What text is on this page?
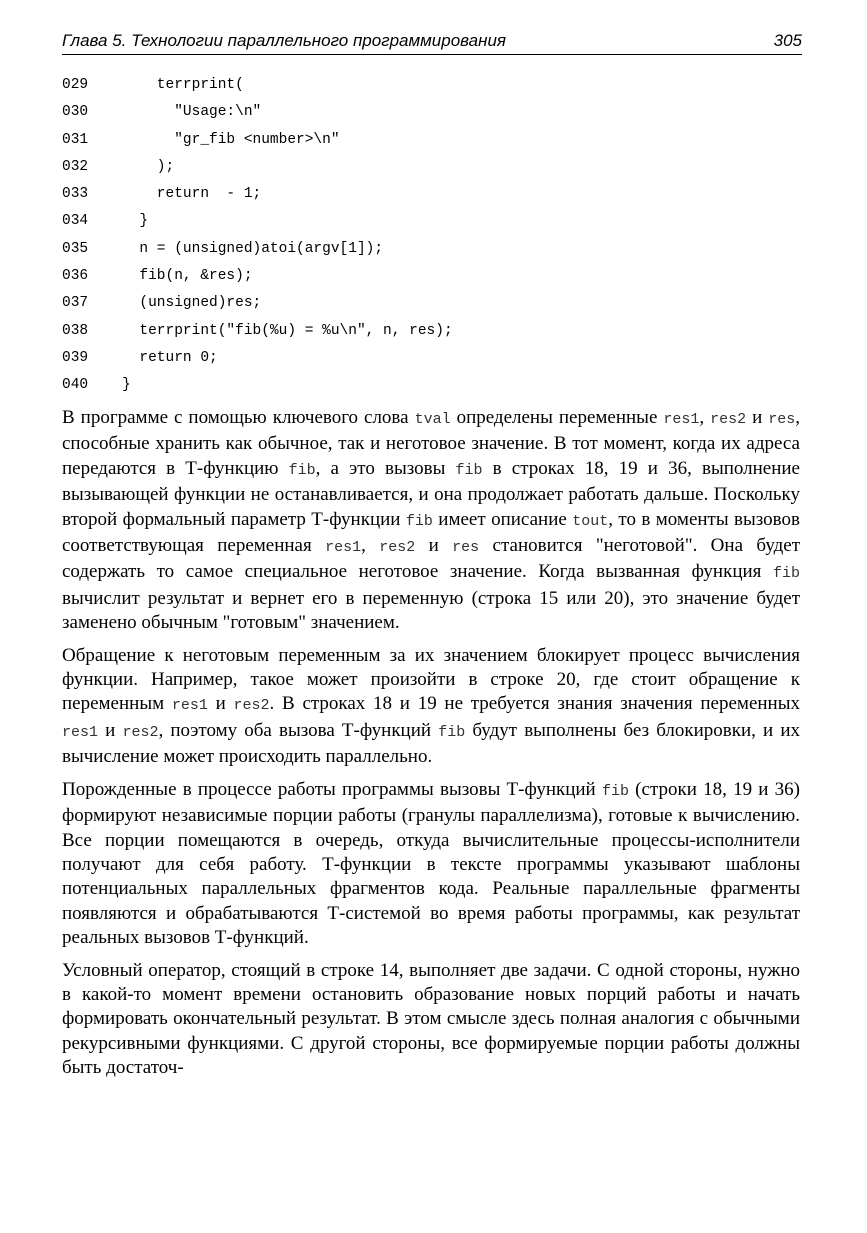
Глава 5. Технологии параллельного программирования	305
029 terrprint(
030 "Usage:\n"
031 "gr_fib <number>\n"
032 );
033 return  - 1;
034 }
035 n = (unsigned)atoi(argv[1]);
036 fib(n, &res);
037 (unsigned)res;
038 terrprint("fib(%u) = %u\n", n, res);
039 return 0;
040 }

В программе с помощью ключевого слова tval определены переменные res1, res2 и res, способные хранить как обычное, так и неготовое значение. В тот момент, когда их адреса передаются в Т-функцию fib, а это вызовы fib в строках 18, 19 и 36, выполнение вызывающей функции не останавливается, и она продолжает работать дальше. Поскольку второй формальный параметр Т-функции fib имеет описание tout, то в моменты вызовов соответствующая переменная res1, res2 и res становится "неготовой". Она будет содержать то самое специальное неготовое значение. Когда вызванная функция fib вычислит результат и вернет его в переменную (строка 15 или 20), это значение будет заменено обычным "готовым" значением.

Обращение к неготовым переменным за их значением блокирует процесс вычисления функции. Например, такое может произойти в строке 20, где стоит обращение к переменным res1 и res2. В строках 18 и 19 не требуется знания значения переменных res1 и res2, поэтому оба вызова Т-функций fib будут выполнены без блокировки, и их вычисление может происходить параллельно.

Порожденные в процессе работы программы вызовы Т-функций fib (строки 18, 19 и 36) формируют независимые порции работы (гранулы параллелизма), готовые к вычислению. Все порции помещаются в очередь, откуда вычислительные процессы-исполнители получают для себя работу. Т-функции в тексте программы указывают шаблоны потенциальных параллельных фрагментов кода. Реальные параллельные фрагменты появляются и обрабатываются Т-системой во время работы программы, как результат реальных вызовов Т-функций.

Условный оператор, стоящий в строке 14, выполняет две задачи. С одной стороны, нужно в какой-то момент времени остановить образование новых порций работы и начать формировать окончательный результат. В этом смысле здесь полная аналогия с обычными рекурсивными функциями. С другой стороны, все формируемые порции работы должны быть достаточ-
